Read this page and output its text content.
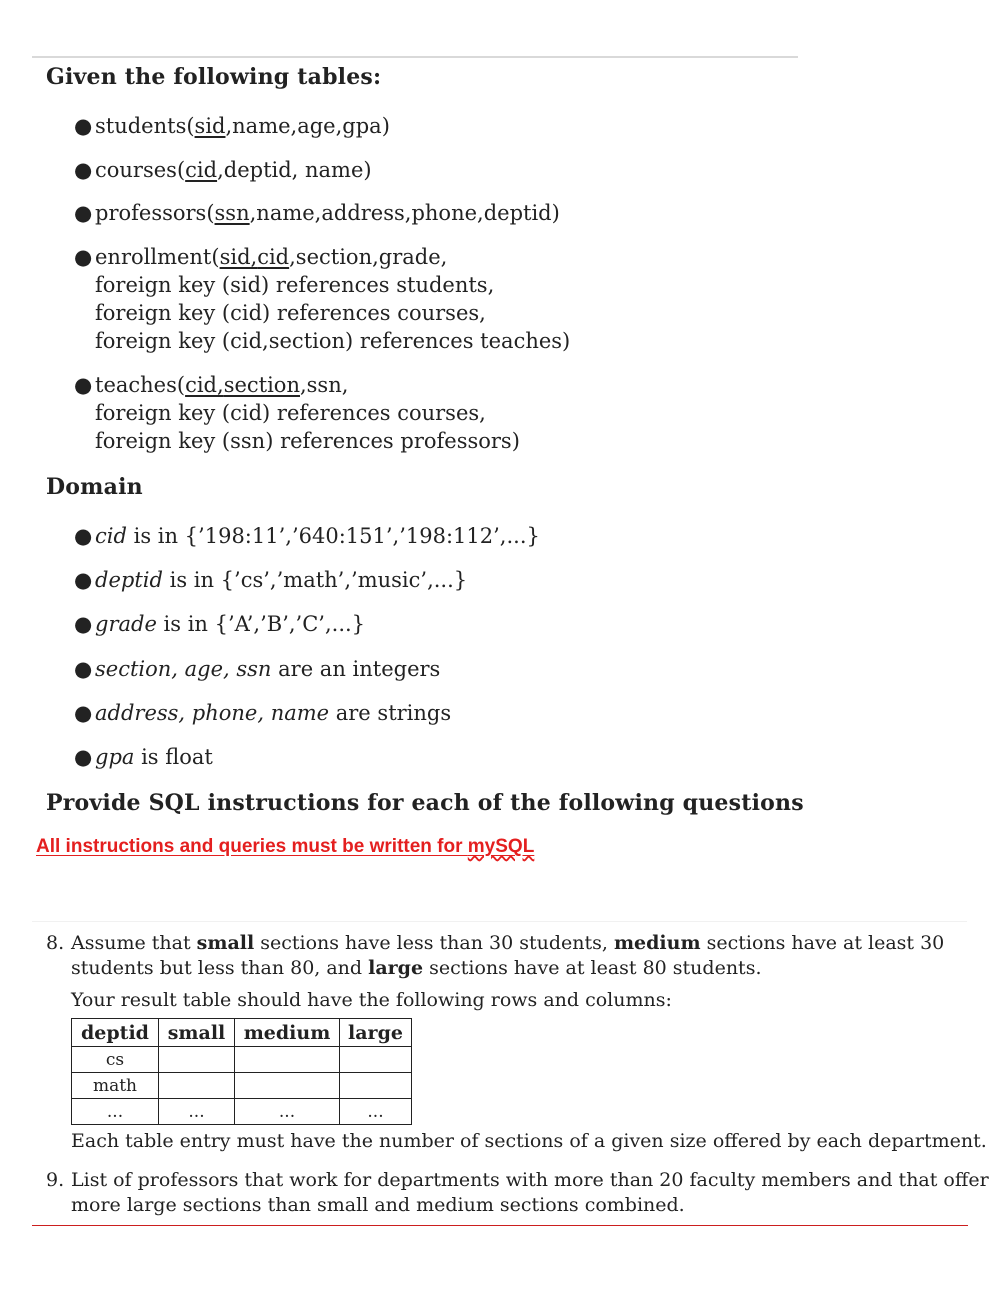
Given the following tables:
● students(sid,name,age,gpa)
● courses(cid,deptid, name)
● professors(ssn,name,address,phone,deptid)
● enrollment(sid,cid,section,grade,
foreign key (sid) references students,
foreign key (cid) references courses,
foreign key (cid,section) references teaches)
● teaches(cid,section,ssn,
foreign key (cid) references courses,
foreign key (ssn) references professors)
Domain
● cid is in {’198:11’,’640:151’,’198:112’,...}
● deptid is in {’cs’,’math’,’music’,...}
● grade is in {’A’,’B’,’C’,...}
● section, age, ssn are an integers
● address, phone, name are strings
● gpa is float
Provide SQL instructions for each of the following questions
All instructions and queries must be written for mySQL
8. Assume that small sections have less than 30 students, medium sections have at least 30
students but less than 80, and large sections have at least 80 students.
Your result table should have the following rows and columns:
deptid	small	medium	large
cs			
math			
...	...	...	...
Each table entry must have the number of sections of a given size offered by each department.
9. List of professors that work for departments with more than 20 faculty members and that offer
more large sections than small and medium sections combined.
